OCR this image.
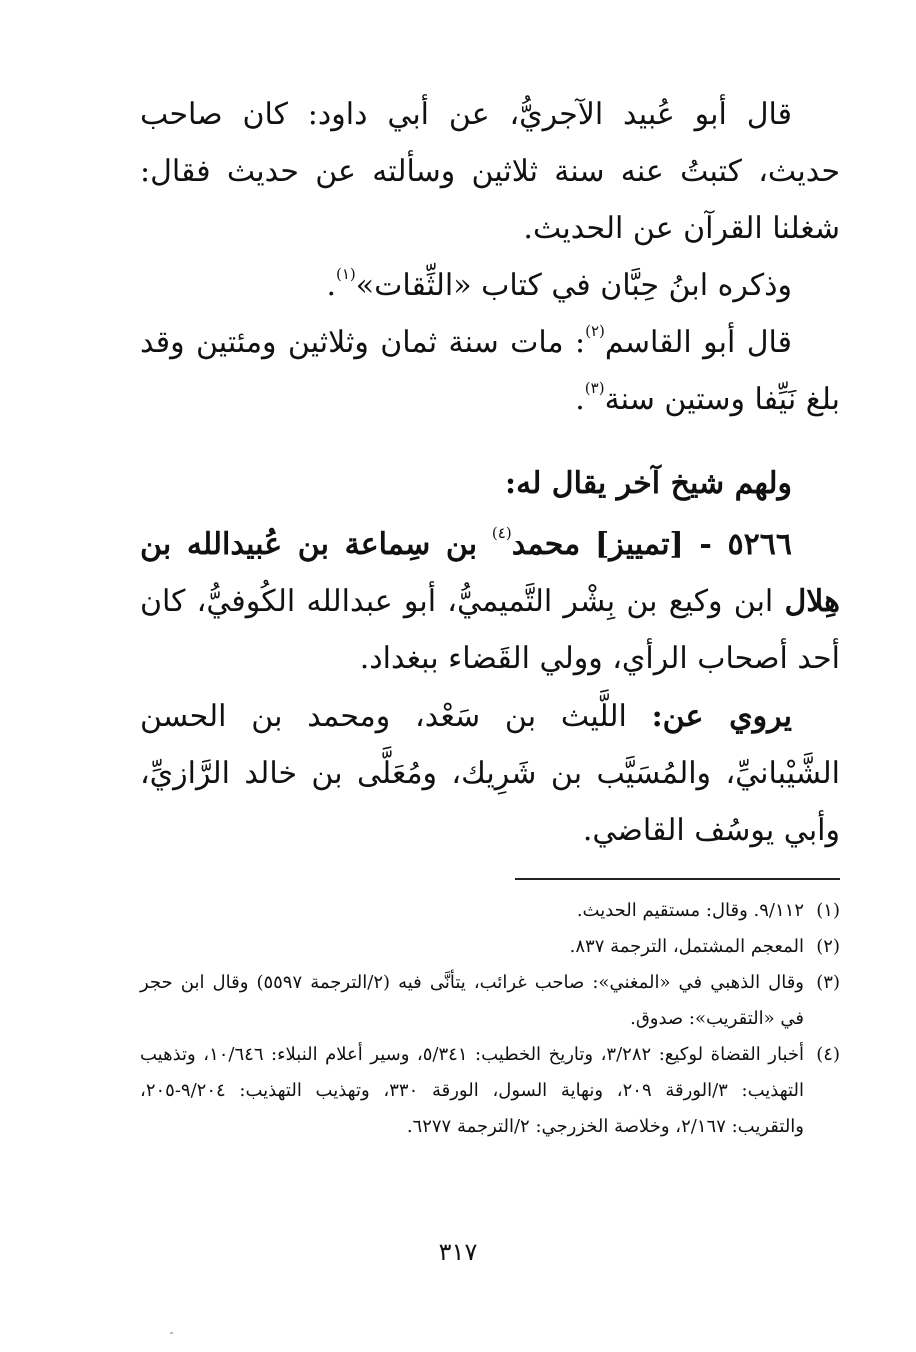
قال أبو عُبيد الآجريُّ، عن أبي داود: كان صاحب حديث، كتبتُ عنه سنة ثلاثين وسألته عن حديث فقال: شغلنا القرآن عن الحديث.

وذكره ابنُ حِبَّان في كتاب «الثِّقات»$^{(١)}$.

قال أبو القاسم$^{(٢)}$: مات سنة ثمان وثلاثين ومئتين وقد بلغ نَيِّفا وستين سنة$^{(٣)}$.

ولهم شيخ آخر يقال له:

٥٢٦٦ - [تمييز] محمد$^{(٤)}$ بن سِماعة بن عُبيدالله بن هِلال ابن وكيع بن بِشْر التَّميميُّ، أبو عبدالله الكُوفيُّ، كان أحد أصحاب الرأي، وولي القَضاء ببغداد.

يروي عن: اللَّيث بن سَعْد، ومحمد بن الحسن الشَّيْبانيِّ، والمُسَيَّب بن شَرِيك، ومُعَلَّى بن خالد الرَّازيِّ، وأبي يوسُف القاضي.

(١)
٩/١١٢. وقال: مستقيم الحديث.
(٢)
المعجم المشتمل، الترجمة ٨٣٧.
(٣)
وقال الذهبي في «المغني»: صاحب غرائب، يتأنَّى فيه (٢/الترجمة ٥٥٩٧) وقال ابن حجر في «التقريب»: صدوق.
(٤)
أخبار القضاة لوكيع: ٣/٢٨٢، وتاريخ الخطيب: ٥/٣٤١، وسير أعلام النبلاء: ١٠/٦٤٦، وتذهيب التهذيب: ٣/الورقة ٢٠٩، ونهاية السول، الورقة ٣٣٠، وتهذيب التهذيب: ٩/٢٠٤-٢٠٥، والتقريب: ٢/١٦٧، وخلاصة الخزرجي: ٢/الترجمة ٦٢٧٧.
٣١٧
